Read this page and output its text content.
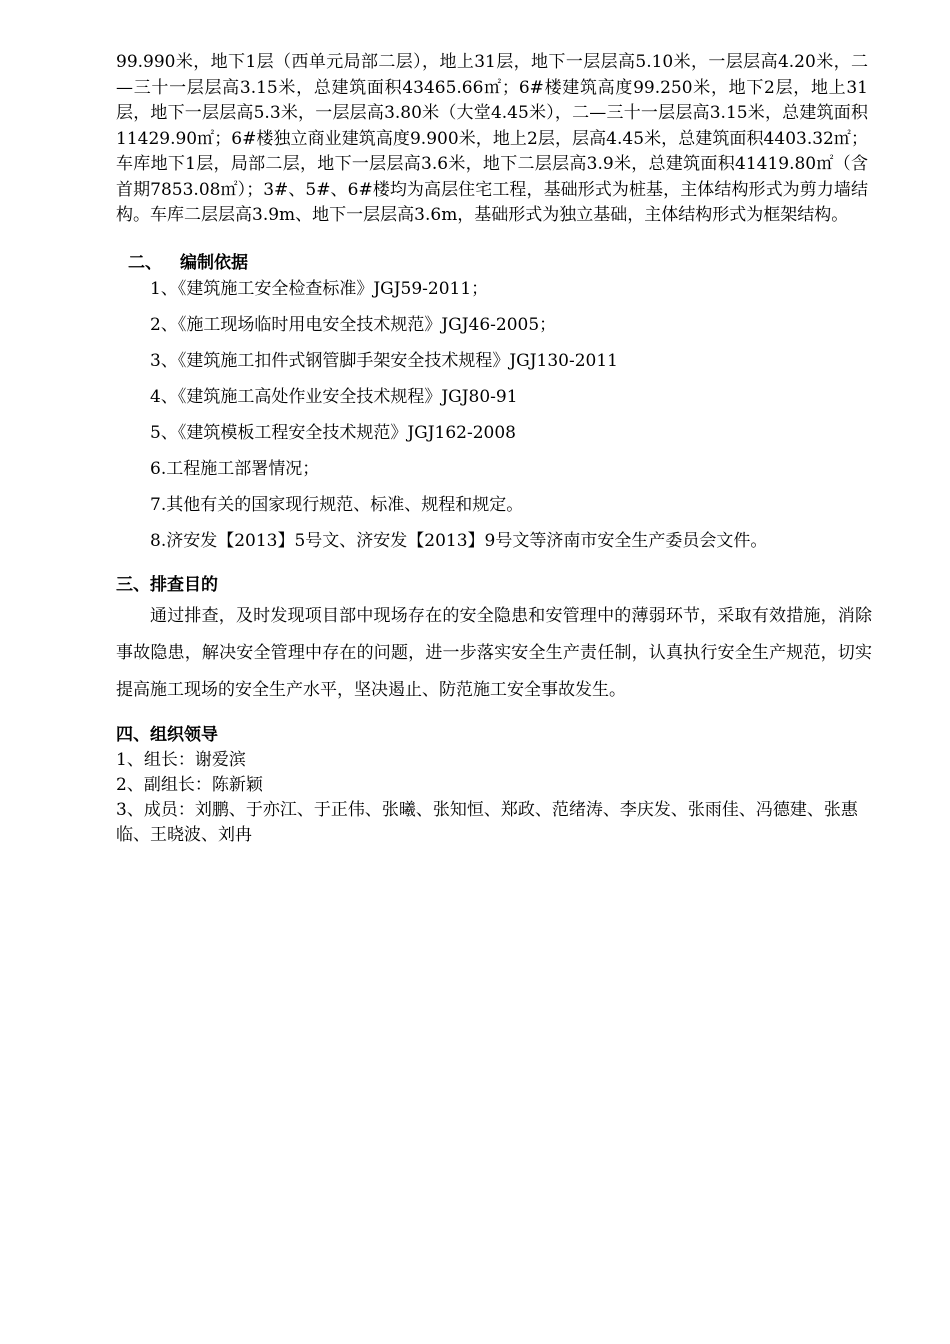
99.990米，地下1层（西单元局部二层），地上31层，地下一层层高5.10米，一层层高4.20米，二—三十一层层高3.15米，总建筑面积43465.66㎡；6#楼建筑高度99.250米，地下2层，地上31层，地下一层层高5.3米，一层层高3.80米（大堂4.45米），二—三十一层层高3.15米，总建筑面积11429.90㎡；6#楼独立商业建筑高度9.900米，地上2层，层高4.45米，总建筑面积4403.32㎡；车库地下1层，局部二层，地下一层层高3.6米，地下二层层高3.9米，总建筑面积41419.80㎡（含首期7853.08㎡）；3#、5#、6#楼均为高层住宅工程，基础形式为桩基，主体结构形式为剪力墙结构。车库二层层高3.9m、地下一层层高3.6m，基础形式为独立基础，主体结构形式为框架结构。

二、 编制依据
1、《建筑施工安全检查标准》JGJ59-2011；
2、《施工现场临时用电安全技术规范》JGJ46-2005；
3、《建筑施工扣件式钢管脚手架安全技术规程》JGJ130-2011
4、《建筑施工高处作业安全技术规程》JGJ80-91
5、《建筑模板工程安全技术规范》JGJ162-2008
6.工程施工部署情况；
7.其他有关的国家现行规范、标准、规程和规定。
8.济安发【2013】5号文、济安发【2013】9号文等济南市安全生产委员会文件。
三、排查目的

通过排查，及时发现项目部中现场存在的安全隐患和安管理中的薄弱环节，采取有效措施，消除事故隐患，解决安全管理中存在的问题，进一步落实安全生产责任制，认真执行安全生产规范，切实提高施工现场的安全生产水平，坚决遏止、防范施工安全事故发生。

四、组织领导
1、组长：谢爱滨
2、副组长：陈新颖
3、成员：刘鹏、于亦江、于正伟、张曦、张知恒、郑政、范绪涛、李庆发、张雨佳、冯德建、张惠临、王晓波、刘冉
